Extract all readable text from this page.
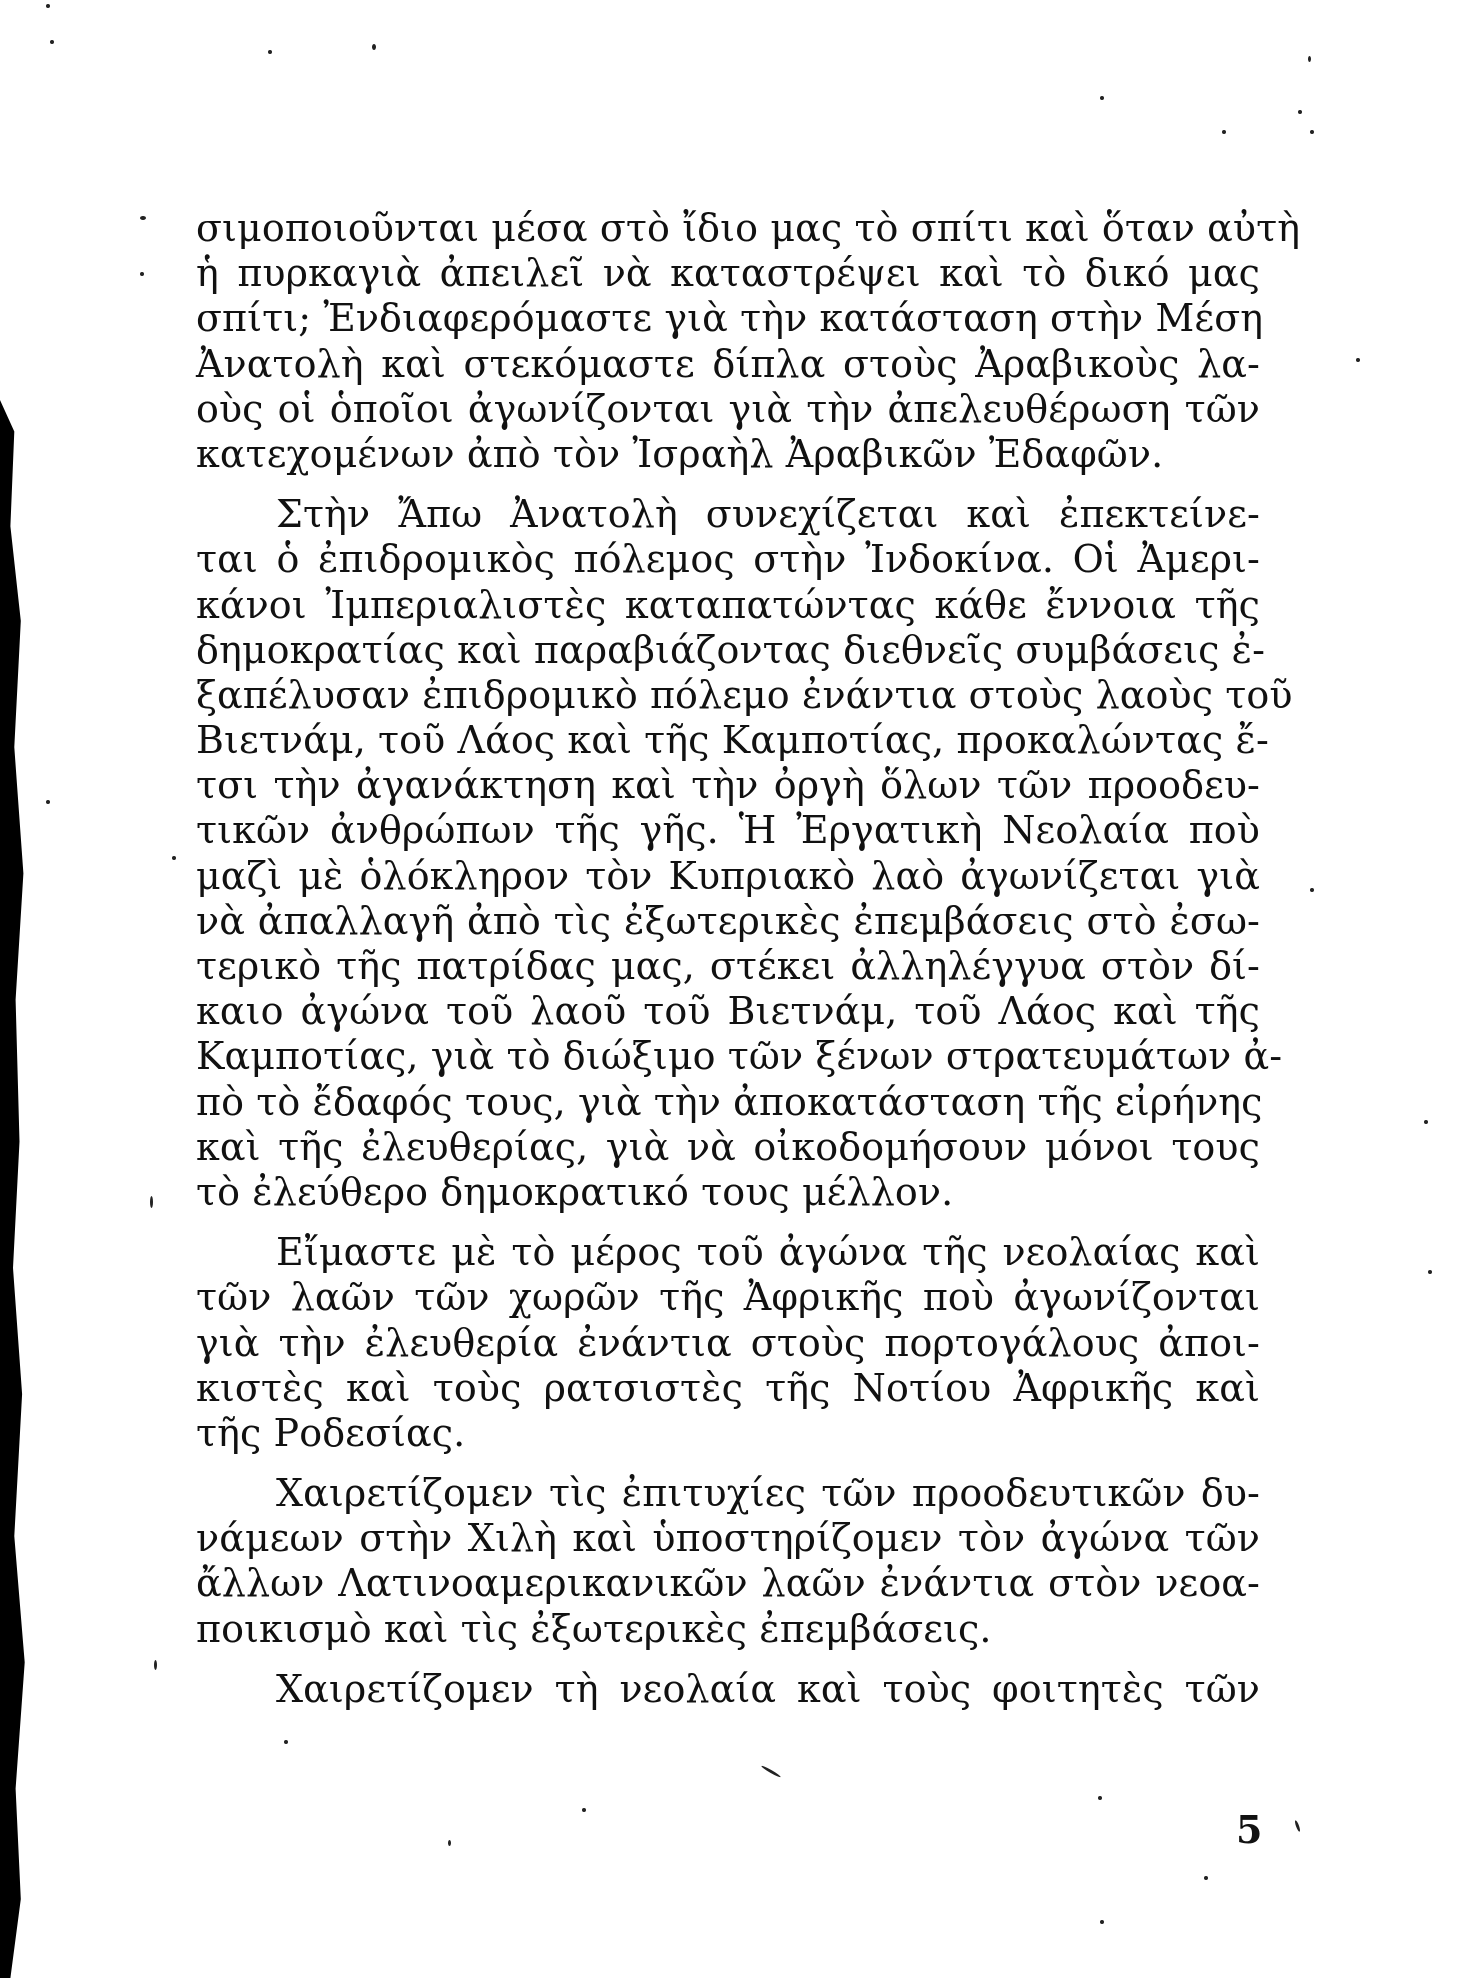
σιμοποιοῦνται μέσα στὸ ἴδιο μας τὸ σπίτι καὶ ὅταν αὐτὴ
ἡ πυρκαγιὰ ἀπειλεῖ νὰ καταστρέψει καὶ τὸ δικό μας
σπίτι; Ἐνδιαφερόμαστε γιὰ τὴν κατάσταση στὴν Μέση
Ἀνατολὴ καὶ στεκόμαστε δίπλα στοὺς Ἀραβικοὺς λα-
οὺς οἱ ὁποῖοι ἀγωνίζονται γιὰ τὴν ἀπελευθέρωση τῶν
κατεχομένων ἀπὸ τὸν Ἰσραὴλ Ἀραβικῶν Ἐδαφῶν.
Στὴν Ἄπω Ἀνατολὴ συνεχίζεται καὶ ἐπεκτείνε-
ται ὁ ἐπιδρομικὸς πόλεμος στὴν Ἰνδοκίνα. Οἱ Ἀμερι-
κάνοι Ἰμπεριαλιστὲς καταπατώντας κάθε ἔννοια τῆς
δημοκρατίας καὶ παραβιάζοντας διεθνεῖς συμβάσεις ἐ-
ξαπέλυσαν ἐπιδρομικὸ πόλεμο ἐνάντια στοὺς λαοὺς τοῦ
Βιετνάμ, τοῦ Λάος καὶ τῆς Καμποτίας, προκαλώντας ἔ-
τσι τὴν ἀγανάκτηση καὶ τὴν ὀργὴ ὅλων τῶν προοδευ-
τικῶν ἀνθρώπων τῆς γῆς. Ἡ Ἐργατικὴ Νεολαία ποὺ
μαζὶ μὲ ὁλόκληρον τὸν Κυπριακὸ λαὸ ἀγωνίζεται γιὰ
νὰ ἀπαλλαγῆ ἀπὸ τὶς ἐξωτερικὲς ἐπεμβάσεις στὸ ἐσω-
τερικὸ τῆς πατρίδας μας, στέκει ἀλληλέγγυα στὸν δί-
καιο ἀγώνα τοῦ λαοῦ τοῦ Βιετνάμ, τοῦ Λάος καὶ τῆς
Καμποτίας, γιὰ τὸ διώξιμο τῶν ξένων στρατευμάτων ἀ-
πὸ τὸ ἔδαφός τους, γιὰ τὴν ἀποκατάσταση τῆς εἰρήνης
καὶ τῆς ἐλευθερίας, γιὰ νὰ οἰκοδομήσουν μόνοι τους
τὸ ἐλεύθερο δημοκρατικό τους μέλλον.
Εἴμαστε μὲ τὸ μέρος τοῦ ἀγώνα τῆς νεολαίας καὶ
τῶν λαῶν τῶν χωρῶν τῆς Ἀφρικῆς ποὺ ἀγωνίζονται
γιὰ τὴν ἐλευθερία ἐνάντια στοὺς πορτογάλους ἀποι-
κιστὲς καὶ τοὺς ρατσιστὲς τῆς Νοτίου Ἀφρικῆς καὶ
τῆς Ροδεσίας.
Χαιρετίζομεν τὶς ἐπιτυχίες τῶν προοδευτικῶν δυ-
νάμεων στὴν Χιλὴ καὶ ὑποστηρίζομεν τὸν ἀγώνα τῶν
ἄλλων Λατινοαμερικανικῶν λαῶν ἐνάντια στὸν νεοα-
ποικισμὸ καὶ τὶς ἐξωτερικὲς ἐπεμβάσεις.
Χαιρετίζομεν τὴ νεολαία καὶ τοὺς φοιτητὲς τῶν
5
